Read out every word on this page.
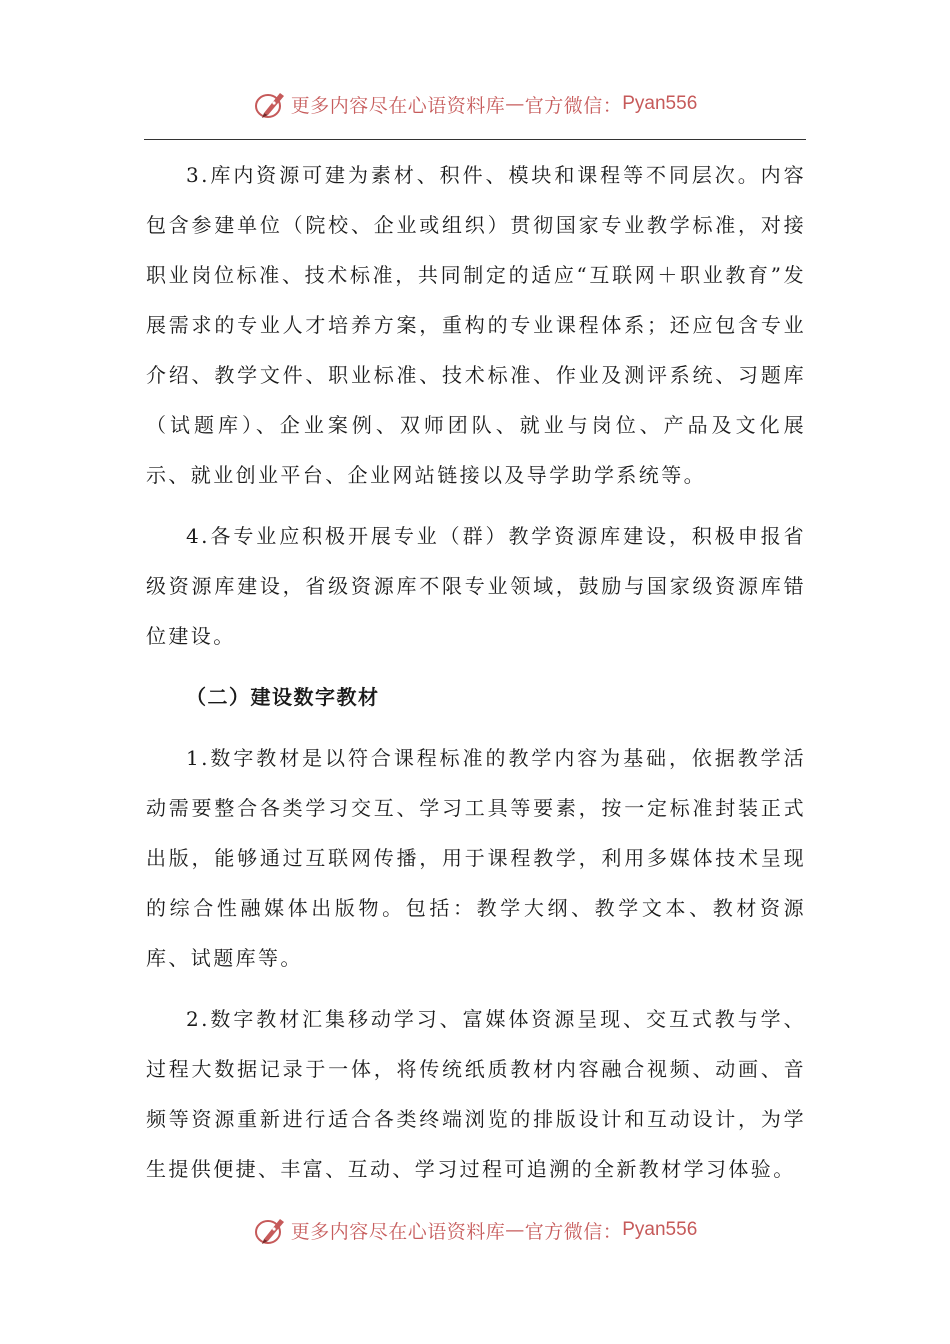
更多内容尽在心语资料库 — 官方微信： Pyan556

3.库内资源可建为素材、积件、模块和课程等不同层次。内容包含参建单位（院校、企业或组织）贯彻国家专业教学标准，对接职业岗位标准、技术标准，共同制定的适应“互联网＋职业教育”发展需求的专业人才培养方案，重构的专业课程体系；还应包含专业介绍、教学文件、职业标准、技术标准、作业及测评系统、习题库（试题库）、企业案例、双师团队、就业与岗位、产品及文化展示、就业创业平台、企业网站链接以及导学助学系统等。

4.各专业应积极开展专业（群）教学资源库建设，积极申报省级资源库建设，省级资源库不限专业领域，鼓励与国家级资源库错位建设。

（二）建设数字教材

1.数字教材是以符合课程标准的教学内容为基础，依据教学活动需要整合各类学习交互、学习工具等要素，按一定标准封装正式出版，能够通过互联网传播，用于课程教学，利用多媒体技术呈现的综合性融媒体出版物。包括：教学大纲、教学文本、教材资源库、试题库等。

2.数字教材汇集移动学习、富媒体资源呈现、交互式教与学、过程大数据记录于一体，将传统纸质教材内容融合视频、动画、音频等资源重新进行适合各类终端浏览的排版设计和互动设计，为学生提供便捷、丰富、互动、学习过程可追溯的全新教材学习体验。

更多内容尽在心语资料库 — 官方微信： Pyan556
